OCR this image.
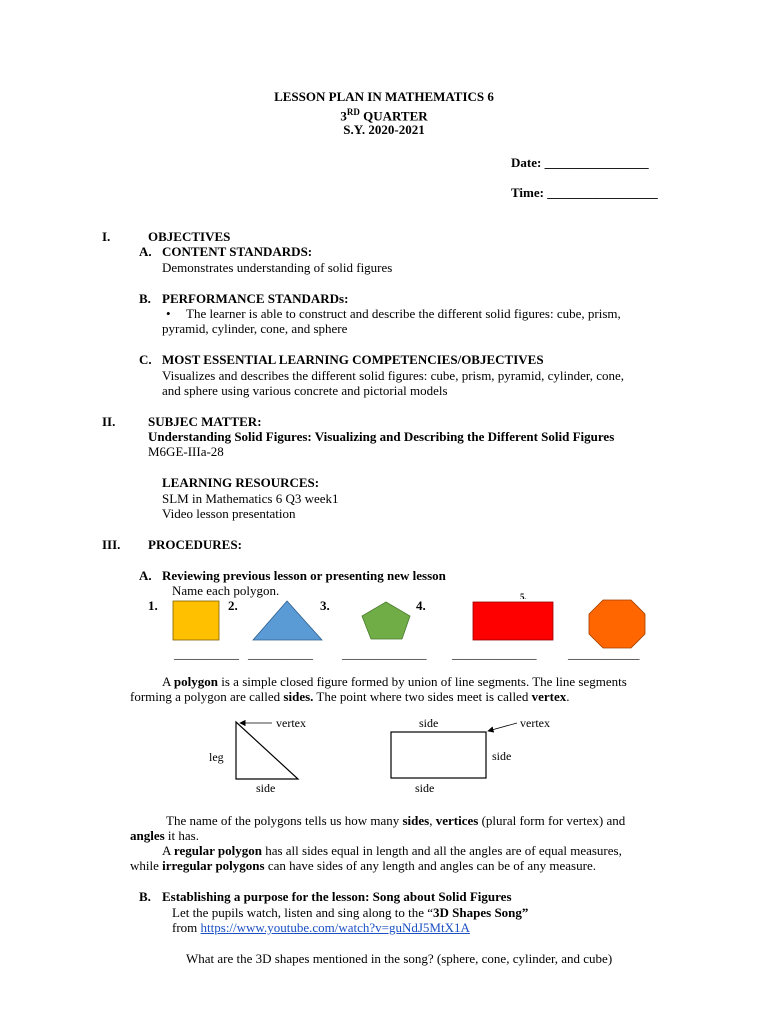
LESSON PLAN IN MATHEMATICS 6
3RD QUARTER
S.Y. 2020-2021
Date: ________________
Time: _________________
I.	OBJECTIVES
A. CONTENT STANDARDS:
Demonstrates understanding of solid figures
B. PERFORMANCE STANDARDs:
• The learner is able to construct and describe the different solid figures: cube, prism,
pyramid, cylinder, cone, and sphere
C. MOST ESSENTIAL LEARNING COMPETENCIES/OBJECTIVES
Visualizes and describes the different solid figures: cube, prism, pyramid, cylinder, cone,
and sphere using various concrete and pictorial models
II.	SUBJEC MATTER:
Understanding Solid Figures: Visualizing and Describing the Different Solid Figures
M6GE-IIIa-28
LEARNING RESOURCES:
SLM in Mathematics 6 Q3 week1
Video lesson presentation
III. PROCEDURES:
A. Reviewing previous lesson or presenting new lesson
Name each polygon.
1.	2.	3.	4.
5.
__________ __________ _____________ _____________ ___________
A polygon is a simple closed figure formed by union of line segments. The line segments
forming a polygon are called sides. The point where two sides meet is called vertex.
vertex
leg
side
side	vertex
side
side
The name of the polygons tells us how many sides, vertices (plural form for vertex) and
angles it has.
A regular polygon has all sides equal in length and all the angles are of equal measures,
while irregular polygons can have sides of any length and angles can be of any measure.
B. Establishing a purpose for the lesson: Song about Solid Figures
Let the pupils watch, listen and sing along to the “3D Shapes Song”
from https://www.youtube.com/watch?v=guNdJ5MtX1A
What are the 3D shapes mentioned in the song? (sphere, cone, cylinder, and cube)
